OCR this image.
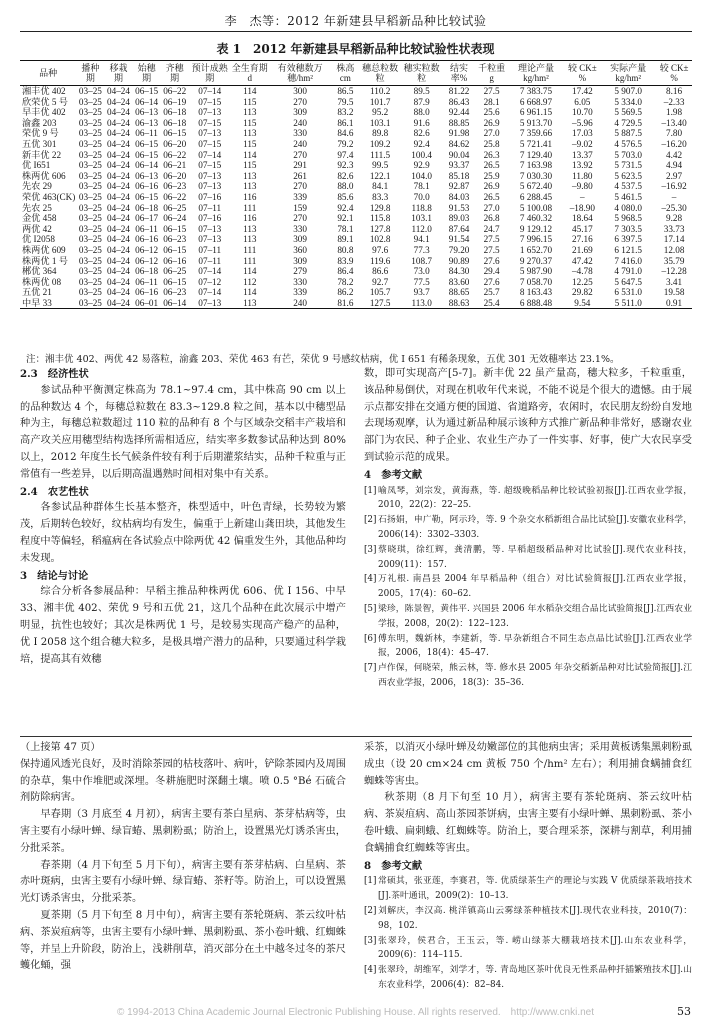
李　杰等：2012 年新建县早稻新品种比较试验
表 1　2012 年新建县早稻新品种比较试验性状表现
品种	播种期	移栽期	始穗期	齐穗期	预计成熟期	全生育期 d	有效穗数万穗/hm²	株高cm	穗总粒数粒	穗实粒数粒	结实率%	千粒重 g	理论产量kg/hm²	较 CK±%	实际产量kg/hm²	较 CK±%
湘丰优 402	03–25	04–24	06–15	06–22	07–14	114	300	86.5	110.2	89.5	81.22	27.5	7 383.75	17.42	5 907.0	8.16
欣荣优 5 号	03–25	04–24	06–14	06–19	07–15	115	270	79.5	101.7	87.9	86.43	28.1	6 668.97	6.05	5 334.0	–2.33
早丰优 402	03–25	04–24	06–13	06–18	07–13	113	309	83.2	95.2	88.0	92.44	25.6	6 961.15	10.70	5 569.5	1.98
渝鑫 203	03–25	04–24	06–13	06–18	07–15	115	240	86.1	103.1	91.6	88.85	26.9	5 913.70	–5.96	4 729.5	–13.40
荣优 9 号	03–25	04–24	06–11	06–15	07–13	113	330	84.6	89.8	82.6	91.98	27.0	7 359.66	17.03	5 887.5	7.80
五优 301	03–25	04–24	06–15	06–20	07–15	115	240	79.2	109.2	92.4	84.62	25.8	5 721.41	–9.02	4 576.5	–16.20
新丰优 22	03–25	04–24	06–15	06–22	07–14	114	270	97.4	111.5	100.4	90.04	26.3	7 129.40	13.37	5 703.0	4.42
优 I651	03–25	04–24	06–14	06–21	07–15	115	291	92.3	99.5	92.9	93.37	26.5	7 163.98	13.92	5 731.5	4.94
株两优 606	03–25	04–24	06–13	06–20	07–13	113	261	82.6	122.1	104.0	85.18	25.9	7 030.30	11.80	5 623.5	2.97
先农 29	03–25	04–24	06–16	06–23	07–13	113	270	88.0	84.1	78.1	92.87	26.9	5 672.40	–9.80	4 537.5	–16.92
荣优 463(CK)	03–25	04–24	06–15	06–22	07–16	116	339	85.6	83.3	70.0	84.03	26.5	6 288.45	–	5 461.5	–
先农 25	03–25	04–24	06–18	06–25	07–11	111	159	92.4	129.8	118.8	91.53	27.0	5 100.08	–18.90	4 080.0	–25.30
金优 458	03–25	04–24	06–17	06–24	07–16	116	270	92.1	115.8	103.1	89.03	26.8	7 460.32	18.64	5 968.5	9.28
两优 42	03–25	04–24	06–11	06–15	07–13	113	330	78.1	127.8	112.0	87.64	24.7	9 129.12	45.17	7 303.5	33.73
优 I2058	03–25	04–24	06–16	06–23	07–13	113	309	89.1	102.8	94.1	91.54	27.5	7 996.15	27.16	6 397.5	17.14
株两优 609	03–25	04–24	06–12	06–15	07–11	111	360	80.8	97.6	77.3	79.20	27.5	1 652.70	21.69	6 121.5	12.08
株两优 1 号	03–25	04–24	06–12	06–16	07–11	111	309	83.9	119.6	108.7	90.89	27.6	9 270.37	47.42	7 416.0	35.79
郴优 364	03–25	04–24	06–18	06–25	07–14	114	279	86.4	86.6	73.0	84.30	29.4	5 987.90	–4.78	4 791.0	–12.28
株两优 08	03–25	04–24	06–11	06–15	07–12	112	330	78.2	92.7	77.5	83.60	27.6	7 058.70	12.25	5 647.5	3.41
五优 21	03–25	04–24	06–16	06–23	07–14	114	339	86.2	105.7	93.7	88.65	25.7	8 163.43	29.82	6 531.0	19.58
中早 33	03–25	04–24	06–01	06–14	07–13	113	240	81.6	127.5	113.0	88.63	25.4	6 888.48	9.54	5 511.0	0.91
注：湘丰优 402、两优 42 易落粒，渝鑫 203、荣优 463 有芒，荣优 9 号感纹枯病，优 I 651 有稀条现象，五优 301 无效穗率达 23.1%。

2.3　经济性状

参试品种平衡测定株高为 78.1~97.4 cm，其中株高 90 cm 以上的品种数达 4 个，每穗总粒数在 83.3~129.8 粒之间，基本以中穗型品种为主，每穗总粒数超过 110 粒的品种有 8 个与区域杂交稻丰产栽培和高产攻关应用穗型结构选择所需相适应，结实率多数参试品种达到 80%以上，2012 年度生长气候条件较有利于后期灌浆结实，品种千粒重与正常值有一些差异，以后期高温遇熟时间相对集中有关系。

2.4　农艺性状

各参试品种群体生长基本整齐，株型适中，叶色青绿，长势较为繁茂，后期转色较好，纹枯病均有发生，偏重于上新建山龚田块，其他发生程度中等偏轻，稻瘟病在各试验点中除两优 42 偏重发生外，其他品种均未发现。

3　结论与讨论

综合分析各参展品种：早稻主推品种株两优 606、优 I 156、中早 33、湘丰优 402、荣优 9 号和五优 21，这几个品种在此次展示中增产明显，抗性也较好；其次是株两优 1 号，是较易实现高产稳产的品种，优 I 2058 这个组合穗大粒多，是极具增产潜力的品种，只要通过科学栽培，提高其有效穗

数，即可实现高产[5-7]。新丰优 22 虽产量高，穗大粒多，千粒重重，该品种易倒伏，对现在机收年代来说，不能不说是个很大的遗憾。由于展示点都安排在交通方便的国道、省道路旁，农闲时，农民朋友纷纷自发地去现场观摩，认为通过新品种展示该种方式推广新品种非常好，感谢农业部门为农民、种子企业、农业生产办了一件实事、好事，使广大农民享受到试验示范的成果。

4　参考文献

[1] 喻凤琴，刘宗发，黄海燕，等. 超级晚稻品种比较试验初报[J].江西农业学报，2010，22(2)：22–25.

[2] 石扬娟，申广勒，阿示玲，等. 9 个杂交水稻新组合品比试验[J].安徽农业科学，2006(14)：3302–3303.

[3] 蔡晓琪，徐红辉，龚清鹏，等. 早稻超级稻品种对比试验[J].现代农业科技，2009(11)：157.

[4] 万礼根. 南昌县 2004 年早稻品种（组合）对比试验简报[J].江西农业学报，2005，17(4)：60–62.

[5] 梁珍，陈景智，黄伟平. 兴国县 2006 年水稻杂交组合品比试验简报[J].江西农业学报，2008，20(2)：122–123.

[6] 傅东明，魏新林，李建新，等. 早杂新组合不同生态点品比试验[J].江西农业学报，2006，18(4)：45–47.

[7] 卢作保，何晓荣，熊云林，等. 修水县 2005 年杂交稻新品种对比试验简报[J].江西农业学报，2006，18(3)：35–36.

（上接第 47 页）

保持通风透光良好，及时消除茶园的枯枝落叶、病叶，铲除茶园内及周围的杂草，集中作堆肥或深埋。冬耕施肥时深翻土壤。喷 0.5 °Bé 石硫合剂防除病害。

早春期（3 月底至 4 月初），病害主要有茶白星病、茶芽枯病等，虫害主要有小绿叶蝉、绿盲蝽、黑刺粉虱；防治上，设置黑光灯诱杀害虫，分批采茶。

春茶期（4 月下旬至 5 月下旬），病害主要有茶芽枯病、白星病、茶赤叶斑病，虫害主要有小绿叶蝉、绿盲蝽、茶籽等。防治上，可以设置黑光灯诱杀害虫，分批采茶。

夏茶期（5 月下旬至 8 月中旬），病害主要有茶轮斑病、茶云纹叶枯病、茶炭疽病等，虫害主要有小绿叶蝉、黑刺粉虱、茶小卷叶蛾、红蜘蛛等，并呈上升阶段，防治上，浅耕削草，消灭部分在土中越冬过冬的茶尺蠖化蛹，强

采茶，以消灭小绿叶蝉及幼嫩部位的其他病虫害；采用黄板诱集黑刺粉虱成虫（设 20 cm×24 cm 黄板 750 个/hm² 左右）；利用捕食螨捕食红蜘蛛等害虫。

秋茶期（8 月下旬至 10 月），病害主要有茶轮斑病、茶云纹叶枯病、茶炭疽病、高山茶园茶饼病，虫害主要有小绿叶蝉、黑刺粉虱、茶小卷叶蛾、扁刺蛾、红蜘蛛等。防治上，要合理采茶，深耕与割草，利用捕食螨捕食红蜘蛛等害虫。

8　参考文献

[1] 常硕其，张亚莲，李赛君，等. 优质绿茶生产的理论与实践 V 优质绿茶栽培技术[J].茶叶通讯，2009(2)：10–13.

[2] 刘解庆，李汉高. 桃洋镇高山云雾绿茶种植技术[J].现代农业科技，2010(7)：98，102.

[3] 张翠玲，侯君合，王玉云，等. 崂山绿茶大棚栽培技术[J].山东农业科学，2009(6)：114–115.

[4] 张翠玲，胡维军，刘学才，等. 青岛地区茶叶优良无性系品种扦插繁殖技术[J].山东农业科学，2006(4)：82–84.

© 1994-2013 China Academic Journal Electronic Publishing House. All rights reserved.　http://www.cnki.net	53
